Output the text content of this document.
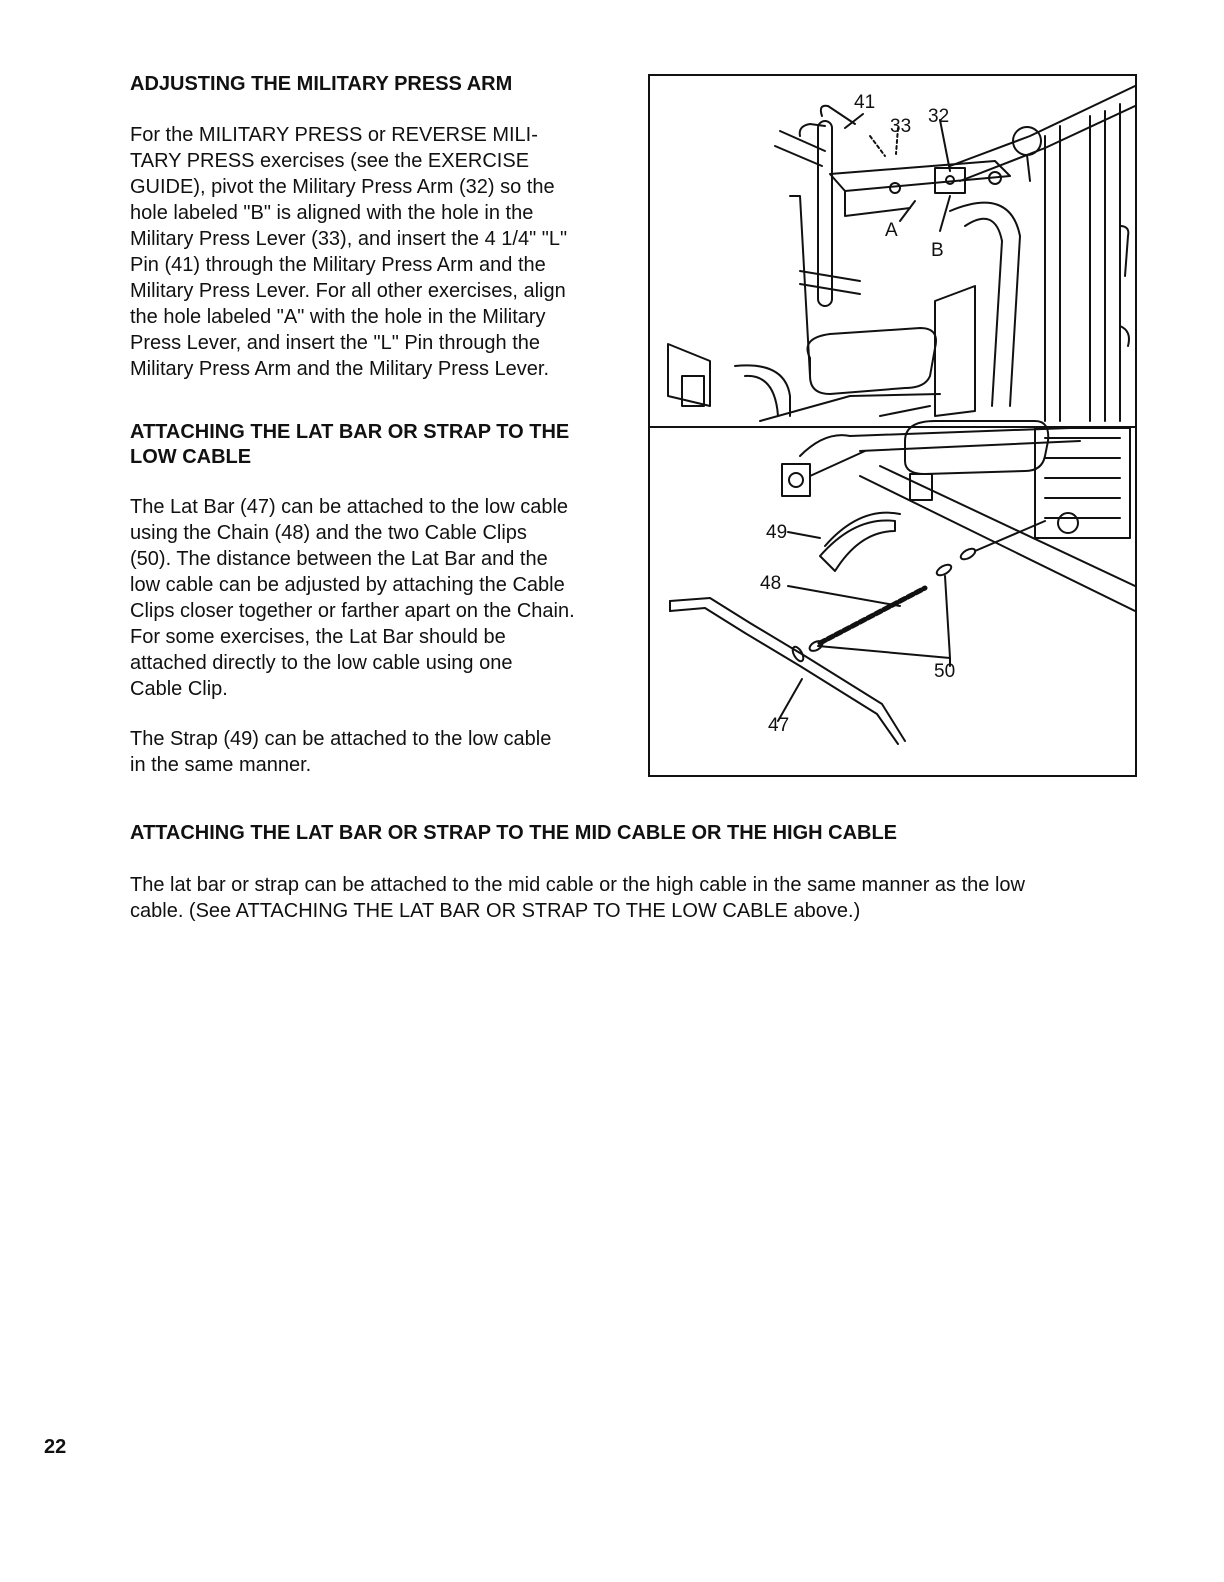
ADJUSTING THE MILITARY PRESS ARM
For the MILITARY PRESS or REVERSE MILI-
TARY PRESS exercises (see the EXERCISE
GUIDE), pivot the Military Press Arm (32) so the
hole labeled "B" is aligned with the hole in the
Military Press Lever (33), and insert the 4 1/4" "L"
Pin (41) through the Military Press Arm and the
Military Press Lever. For all other exercises, align
the hole labeled "A" with the hole in the Military
Press Lever, and insert the "L" Pin through the
Military Press Arm and the Military Press Lever.
ATTACHING THE LAT BAR OR STRAP TO THE
LOW CABLE
The Lat Bar (47) can be attached to the low cable
using the Chain (48) and the two Cable Clips
(50). The distance between the Lat Bar and the
low cable can be adjusted by attaching the Cable
Clips closer together or farther apart on the Chain.
For some exercises, the Lat Bar should be
attached directly to the low cable using one
Cable Clip.
The Strap (49) can be attached to the low cable
in the same manner.
41
33 32
A
B
49
48
50
47
ATTACHING THE LAT BAR OR STRAP TO THE MID CABLE OR THE HIGH CABLE
The lat bar or strap can be attached to the mid cable or the high cable in the same manner as the low
cable. (See ATTACHING THE LAT BAR OR STRAP TO THE LOW CABLE above.)
22
